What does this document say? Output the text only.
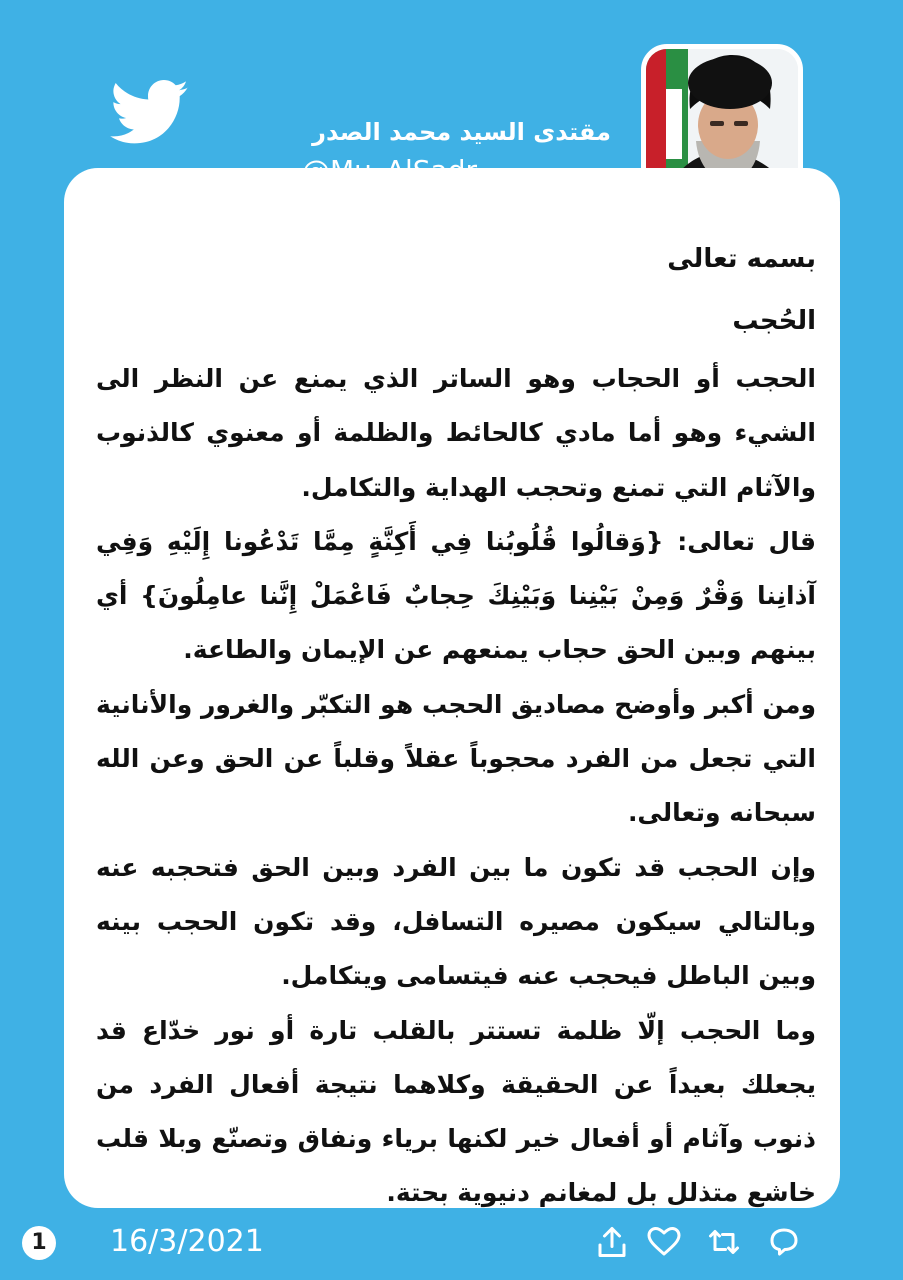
مقتدى السيد محمد الصدر

بسمه تعالى

الحُجب

الحجب أو الحجاب وهو الساتر الذي يمنع عن النظر الى الشيء وهو أما مادي كالحائط والظلمة أو معنوي كالذنوب والآثام التي تمنع وتحجب الهداية والتكامل.

قال تعالى: {وَقالُوا قُلُوبُنا فِي أَكِنَّةٍ مِمَّا تَدْعُونا إِلَيْهِ وَفِي آذانِنا وَقْرٌ وَمِنْ بَيْنِنا وَبَيْنِكَ حِجابٌ فَاعْمَلْ إِنَّنا عامِلُونَ} أي بينهم وبين الحق حجاب يمنعهم عن الإيمان والطاعة.

ومن أكبر وأوضح مصاديق الحجب هو التكبّر والغرور والأنانية التي تجعل من الفرد محجوباً عقلاً وقلباً عن الحق وعن الله سبحانه وتعالى.

وإن الحجب قد تكون ما بين الفرد وبين الحق فتحجبه عنه وبالتالي سيكون مصيره التسافل، وقد تكون الحجب بينه وبين الباطل فيحجب عنه فيتسامى ويتكامل.

وما الحجب إلّا ظلمة تستتر بالقلب تارة أو نور خدّاع قد يجعلك بعيداً عن الحقيقة وكلاهما نتيجة أفعال الفرد من ذنوب وآثام أو أفعال خير لكنها برياء ونفاق وتصنّع وبلا قلب خاشع متذلل بل لمغانم دنيوية بحتة.

1	16/3/2021
